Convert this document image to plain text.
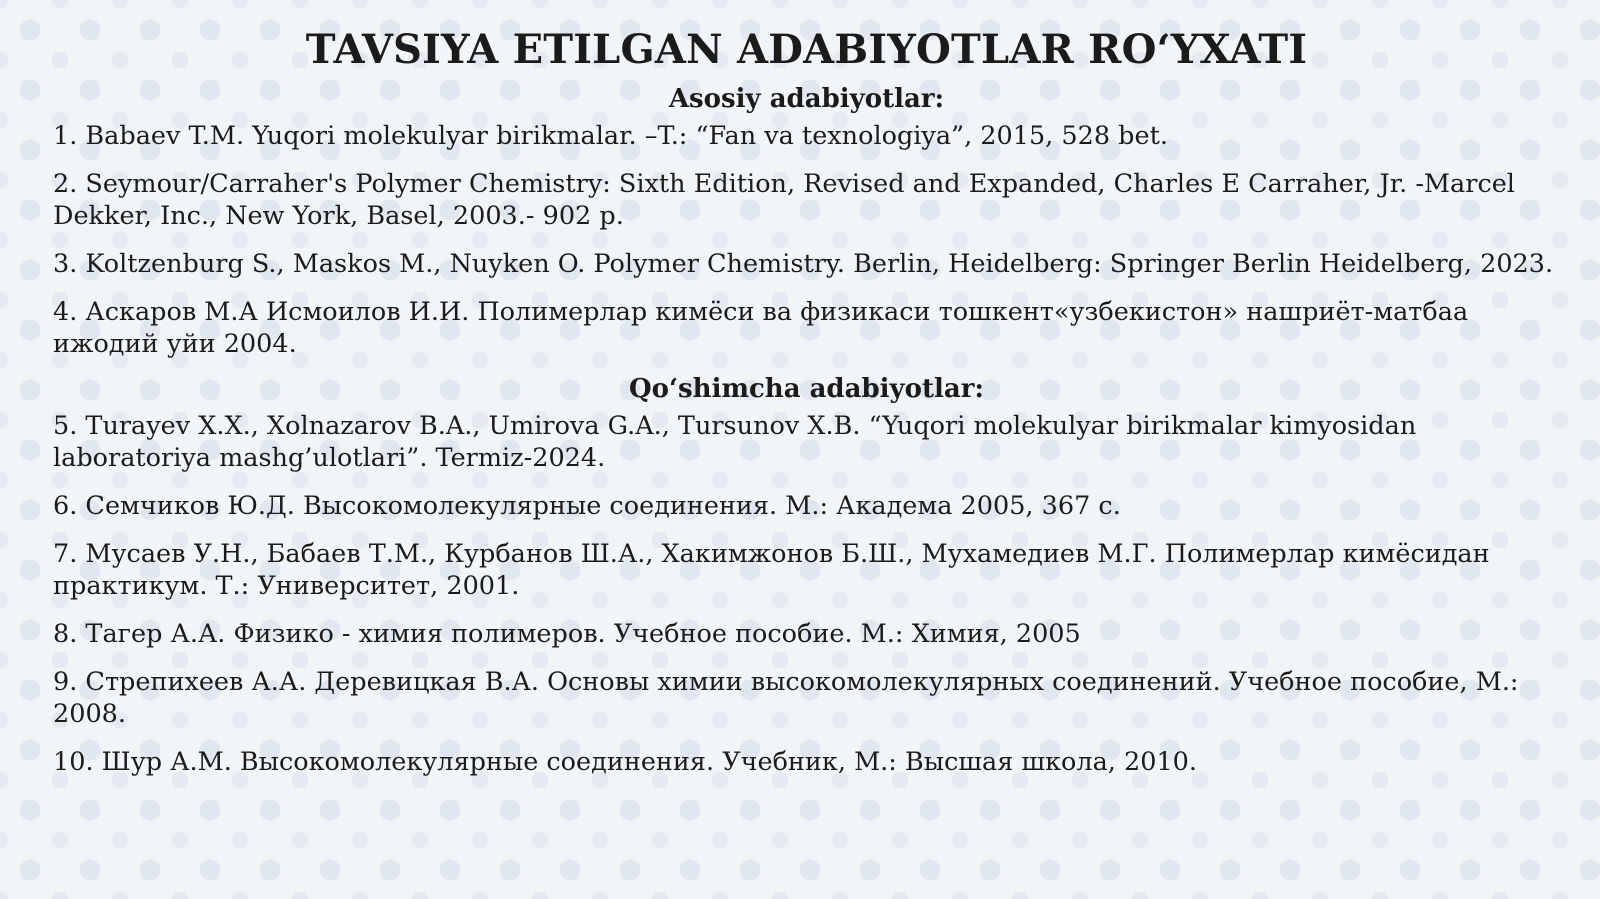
TAVSIYA ETILGAN ADABIYOTLAR RO‘YXATI
Asosiy adabiyotlar:
1. Babaev T.M. Yuqori molekulyar birikmalar. –T.: “Fan va texnologiya”, 2015, 528 bet.
2. Seymour/Carraher's Polymer Chemistry: Sixth Edition, Revised and Expanded, Charles E Carraher, Jr. -Marcel Dekker, Inc., New York, Basel, 2003.- 902 p.
3. Koltzenburg S., Maskos M., Nuyken O. Polymer Chemistry. Berlin, Heidelberg: Springer Berlin Heidelberg, 2023.
4. Аскаров М.А Исмоилов И.И. Полимерлар кимёси ва физикаси тошкент«узбекистон» нашриёт-матбаа ижодий уйи 2004.
Qo‘shimcha adabiyotlar:
5. Turayev X.X., Xolnazarov B.A., Umirova G.A., Tursunov X.B. “Yuqori molekulyar birikmalar kimyosidan laboratoriya mashg’ulotlari”. Termiz-2024.
6. Семчиков Ю.Д. Высокомолекулярные соединения. М.: Академа 2005, 367 с.
7. Мусаев У.Н., Бабаев Т.М., Курбанов Ш.А., Хакимжонов Б.Ш., Мухамедиев М.Г. Полимерлар кимёсидан практикум. Т.: Университет, 2001.
8. Тагер А.А. Физико - химия полимеров. Учебное пособие. М.: Химия, 2005
9. Стрепихеев А.А. Деревицкая В.А. Основы химии высокомолекулярных соединений. Учебное пособие, М.: 2008.
10. Шур А.М. Высокомолекулярные соединения. Учебник, М.: Высшая школа, 2010.
